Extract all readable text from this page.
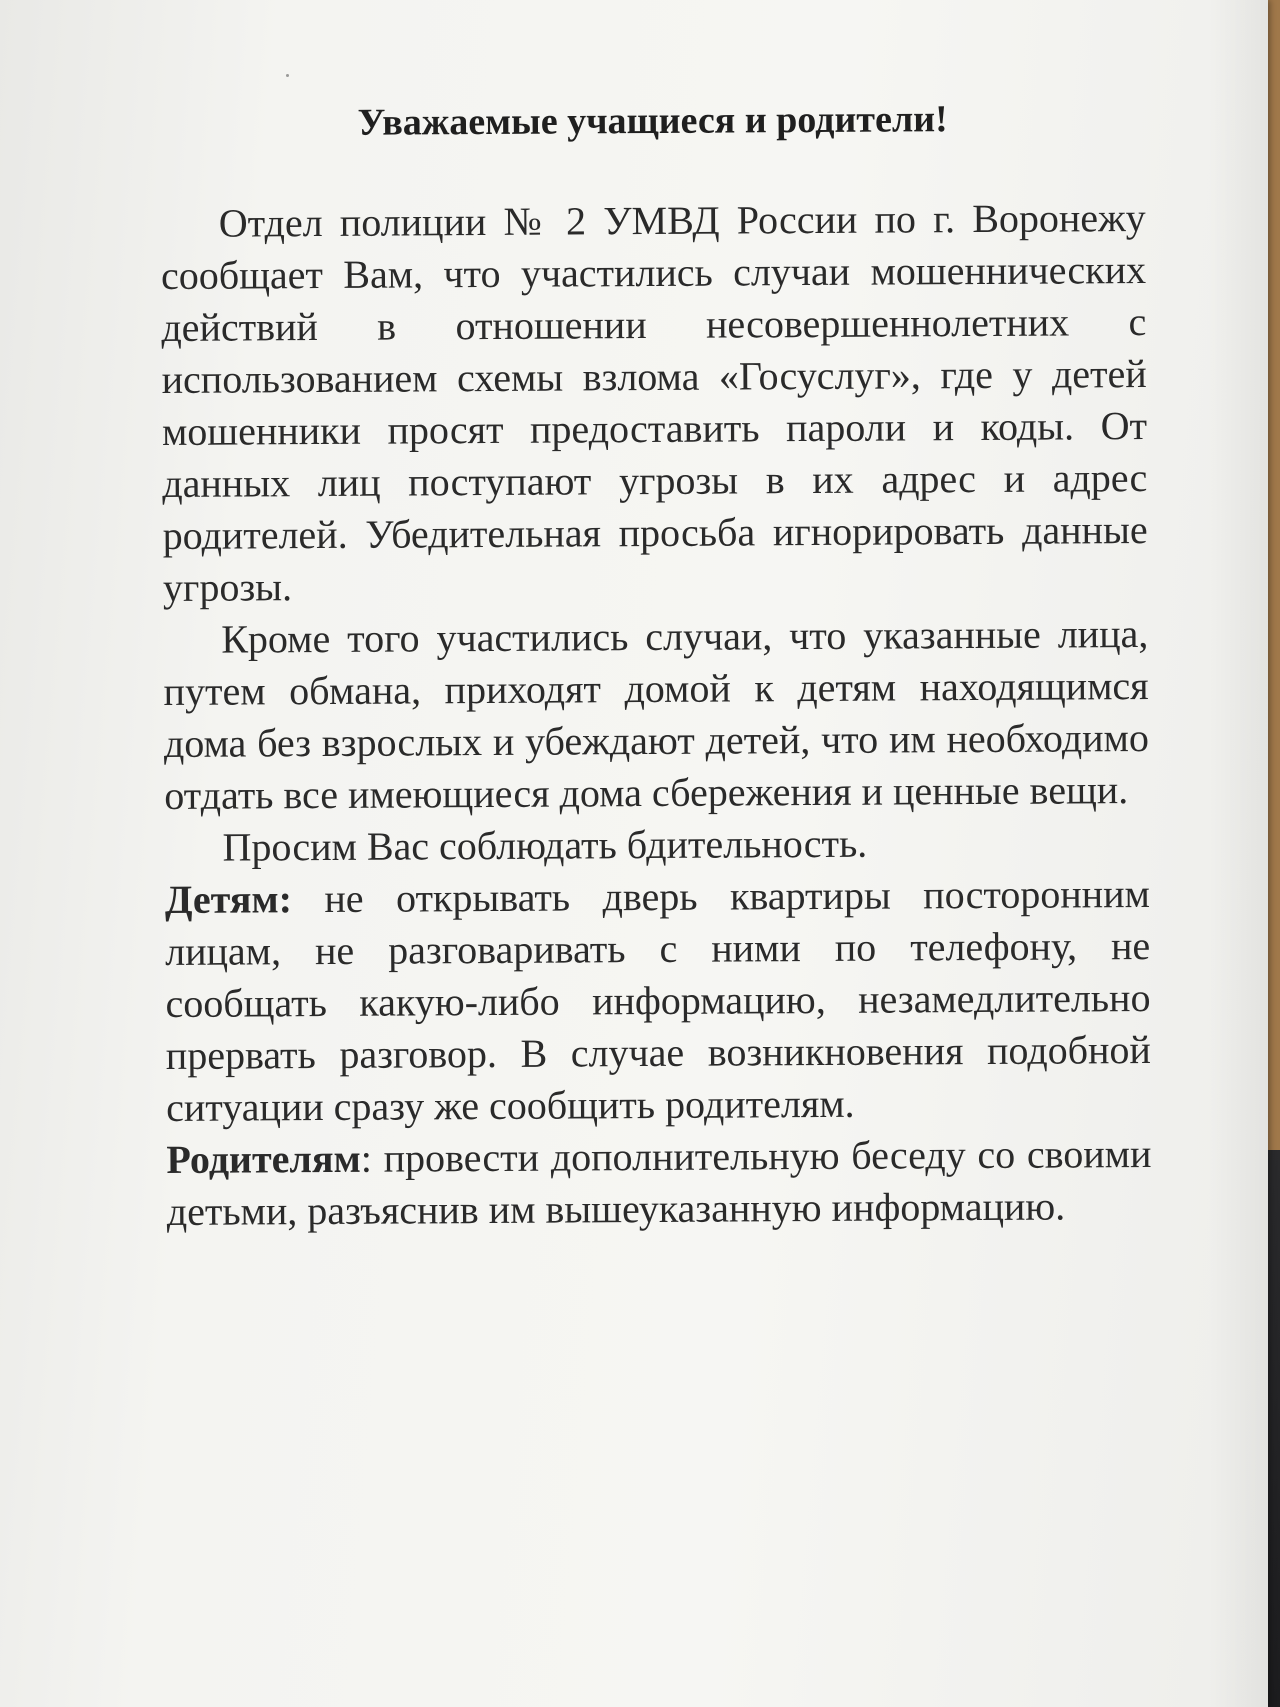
Уважаемые учащиеся и родители!

Отдел полиции № 2 УМВД России по г. Воронежу сообщает Вам, что участились случаи мошеннических действий в отношении несовершеннолетних с использованием схемы взлома «Госуслуг», где у детей мошенники просят предоставить пароли и коды. От данных лиц поступают угрозы в их адрес и адрес родителей. Убедительная просьба игнорировать данные угрозы.

Кроме того участились случаи, что указанные лица, путем обмана, приходят домой к детям находящимся дома без взрослых и убеждают детей, что им необходимо отдать все имеющиеся дома сбережения и ценные вещи.

Просим Вас соблюдать бдительность.

Детям: не открывать дверь квартиры посторонним лицам, не разговаривать с ними по телефону, не сообщать какую-либо информацию, незамедлительно прервать разговор. В случае возникновения подобной ситуации сразу же сообщить родителям.

Родителям: провести дополнительную беседу со своими детьми, разъяснив им вышеуказанную информацию.
